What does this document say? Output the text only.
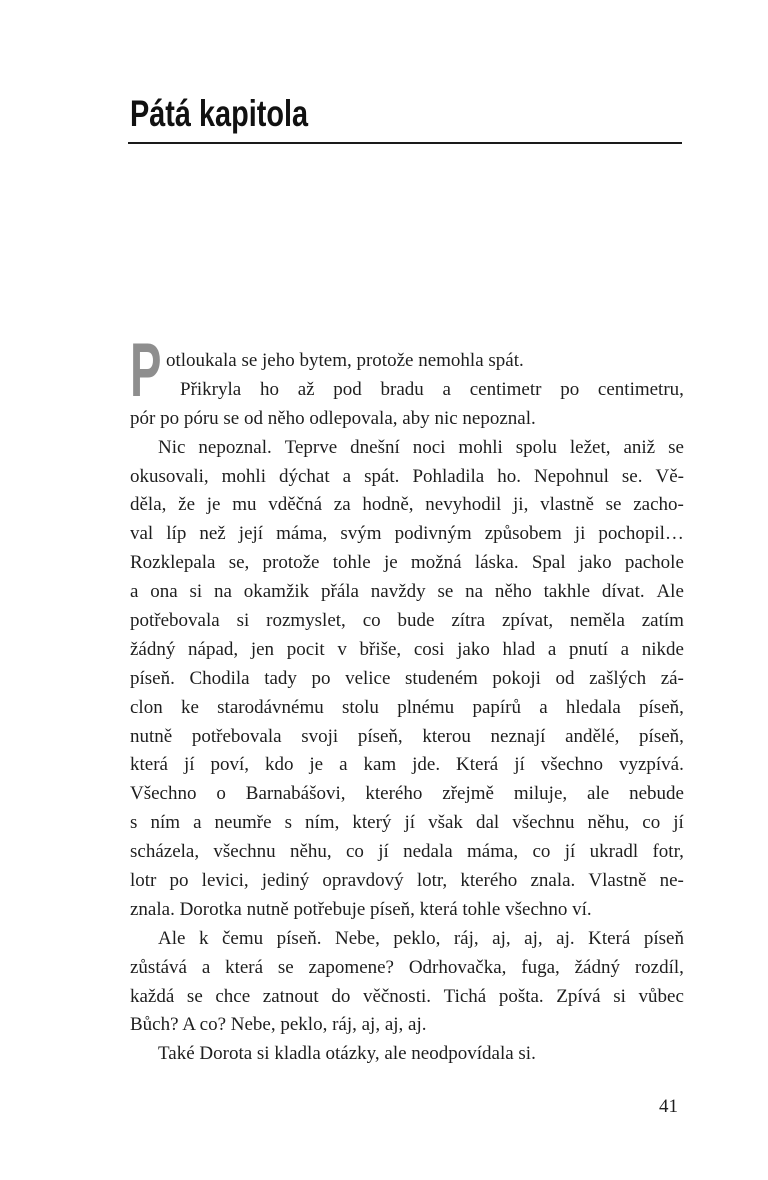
Pátá kapitola
P otloukala se jeho bytem, protože nemohla spát.
Přikryla ho až pod bradu a centimetr po centimetru,
pór po póru se od něho odlepovala, aby nic nepoznal.
Nic nepoznal. Teprve dnešní noci mohli spolu ležet, aniž se
okusovali, mohli dýchat a spát. Pohladila ho. Nepohnul se. Vě-
děla, že je mu vděčná za hodně, nevyhodil ji, vlastně se zacho-
val líp než její máma, svým podivným způsobem ji pochopil…
Rozklepala se, protože tohle je možná láska. Spal jako pachole
a ona si na okamžik přála navždy se na něho takhle dívat. Ale
potřebovala si rozmyslet, co bude zítra zpívat, neměla zatím
žádný nápad, jen pocit v břiše, cosi jako hlad a pnutí a nikde
píseň. Chodila tady po velice studeném pokoji od zašlých zá-
clon ke starodávnému stolu plnému papírů a hledala píseň,
nutně potřebovala svoji píseň, kterou neznají andělé, píseň,
která jí poví, kdo je a kam jde. Která jí všechno vyzpívá.
Všechno o Barnabášovi, kterého zřejmě miluje, ale nebude
s ním a neumře s ním, který jí však dal všechnu něhu, co jí
scházela, všechnu něhu, co jí nedala máma, co jí ukradl fotr,
lotr po levici, jediný opravdový lotr, kterého znala. Vlastně ne-
znala. Dorotka nutně potřebuje píseň, která tohle všechno ví.
Ale k čemu píseň. Nebe, peklo, ráj, aj, aj, aj. Která píseň
zůstává a která se zapomene? Odrhovačka, fuga, žádný rozdíl,
každá se chce zatnout do věčnosti. Tichá pošta. Zpívá si vůbec
Bůch? A co? Nebe, peklo, ráj, aj, aj, aj.
Také Dorota si kladla otázky, ale neodpovídala si.
41
